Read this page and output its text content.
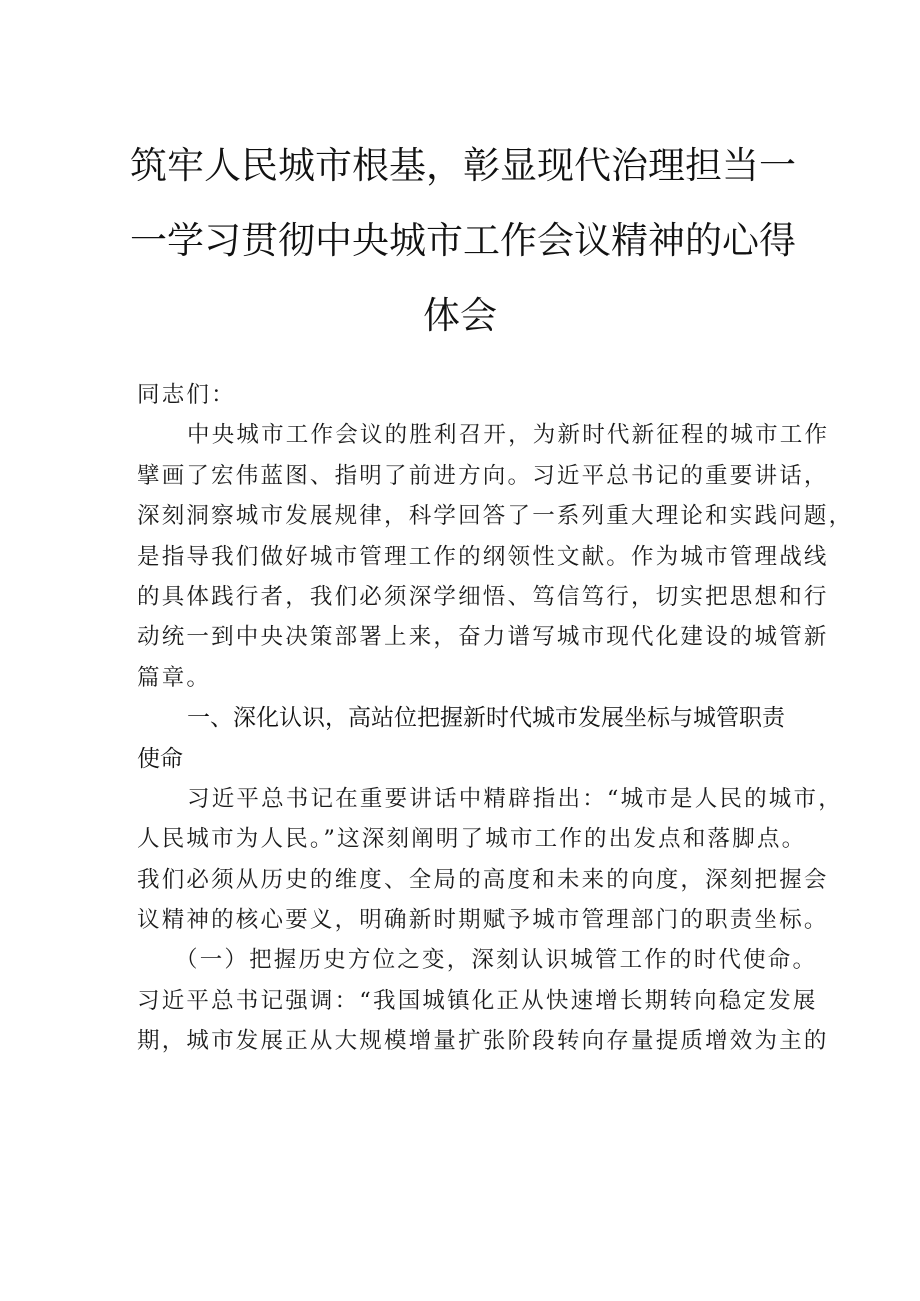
筑牢人民城市根基，彰显现代治理担当一
一学习贯彻中央城市工作会议精神的心得
体会
同志们：
中央城市工作会议的胜利召开，为新时代新征程的城市工作
擘画了宏伟蓝图、指明了前进方向。习近平总书记的重要讲话，
深刻洞察城市发展规律，科学回答了一系列重大理论和实践问题，
是指导我们做好城市管理工作的纲领性文献。作为城市管理战线
的具体践行者，我们必须深学细悟、笃信笃行，切实把思想和行
动统一到中央决策部署上来，奋力谱写城市现代化建设的城管新
篇章。
一、深化认识，高站位把握新时代城市发展坐标与城管职责
使命
习近平总书记在重要讲话中精辟指出：“城市是人民的城市，
人民城市为人民。”这深刻阐明了城市工作的出发点和落脚点。
我们必须从历史的维度、全局的高度和未来的向度，深刻把握会
议精神的核心要义，明确新时期赋予城市管理部门的职责坐标。
（一）把握历史方位之变，深刻认识城管工作的时代使命。
习近平总书记强调：“我国城镇化正从快速增长期转向稳定发展
期，城市发展正从大规模增量扩张阶段转向存量提质增效为主的
